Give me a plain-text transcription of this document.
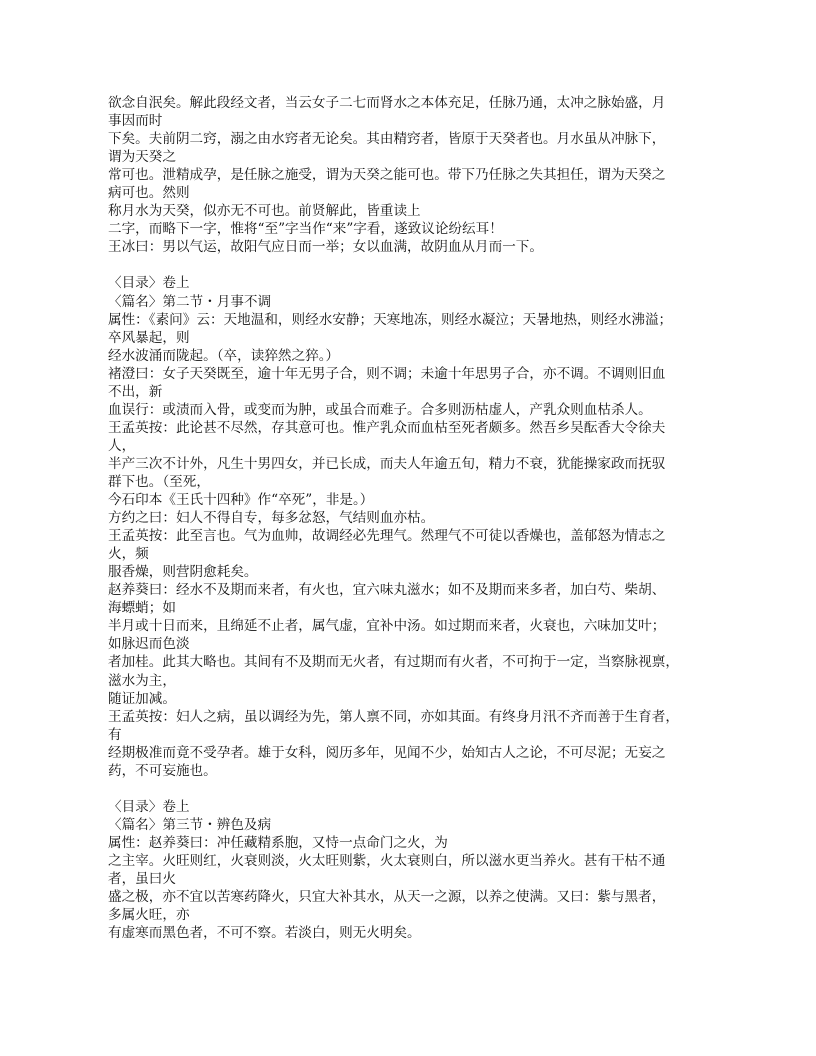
欲念自泯矣。解此段经文者，当云女子二七而肾水之本体充足，任脉乃通，太冲之脉始盛，月
事因而时
下矣。夫前阴二窍，溺之由水窍者无论矣。其由精窍者，皆原于天癸者也。月水虽从冲脉下，
谓为天癸之
常可也。泄精成孕，是任脉之施受，谓为天癸之能可也。带下乃任脉之失其担任，谓为天癸之
病可也。然则
称月水为天癸，似亦无不可也。前贤解此，皆重读上
二字，而略下一字，惟将“至”字当作“来”字看，遂致议论纷纭耳！
王冰曰：男以气运，故阳气应日而一举；女以血满，故阴血从月而一下。
〈目录〉卷上
〈篇名〉第二节・月事不调
属性：《素问》云：天地温和，则经水安静；天寒地冻，则经水凝泣；天暑地热，则经水沸溢；
卒风暴起，则
经水波涌而陇起。（卒，读猝然之猝。）
褚澄曰：女子天癸既至，逾十年无男子合，则不调；未逾十年思男子合，亦不调。不调则旧血
不出，新
血误行：或渍而入骨，或变而为肿，或虽合而难子。合多则沥枯虚人，产乳众则血枯杀人。
王孟英按：此论甚不尽然，存其意可也。惟产乳众而血枯至死者颇多。然吾乡吴酝香大令徐夫
人，
半产三次不计外，凡生十男四女，并已长成，而夫人年逾五旬，精力不衰，犹能操家政而抚驭
群下也。（至死，
今石印本《王氏十四种》作“卒死”，非是。）
方约之曰：妇人不得自专，每多忿怒，气结则血亦枯。
王孟英按：此至言也。气为血帅，故调经必先理气。然理气不可徒以香燥也，盖郁怒为情志之
火，频
服香燥，则营阴愈耗矣。
赵养葵曰：经水不及期而来者，有火也，宜六味丸滋水；如不及期而来多者，加白芍、柴胡、
海螵蛸；如
半月或十日而来，且绵延不止者，属气虚，宜补中汤。如过期而来者，火衰也，六味加艾叶；
如脉迟而色淡
者加桂。此其大略也。其间有不及期而无火者，有过期而有火者，不可拘于一定，当察脉视禀，
滋水为主，
随证加减。
王孟英按：妇人之病，虽以调经为先，第人禀不同，亦如其面。有终身月汛不齐而善于生育者，
有
经期极准而竟不受孕者。雄于女科，阅历多年，见闻不少，始知古人之论，不可尽泥；无妄之
药，不可妄施也。
〈目录〉卷上
〈篇名〉第三节・辨色及病
属性：赵养葵曰：冲任藏精系胞，又恃一点命门之火，为
之主宰。火旺则红，火衰则淡，火太旺则紫，火太衰则白，所以滋水更当养火。甚有干枯不通
者，虽曰火
盛之极，亦不宜以苦寒药降火，只宜大补其水，从天一之源，以养之使满。又曰：紫与黑者，
多属火旺，亦
有虚寒而黑色者，不可不察。若淡白，则无火明矣。
